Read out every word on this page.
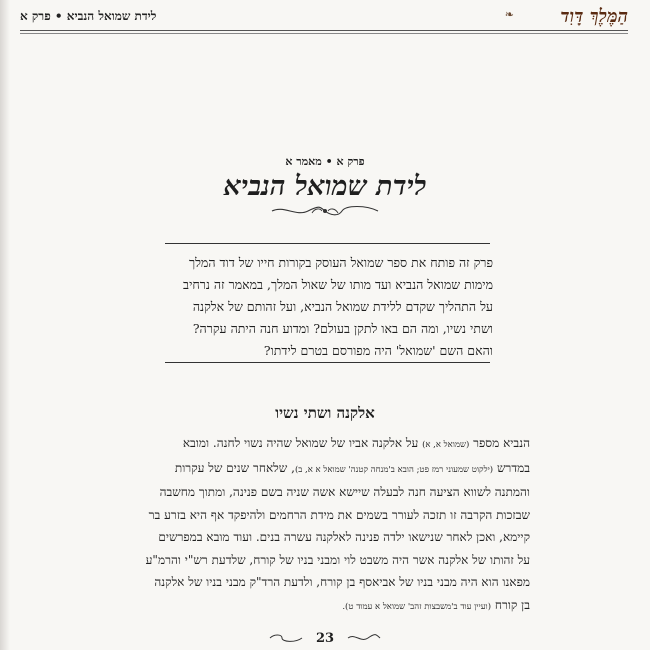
הַמֶּלֶךְ דָּוִד
❧
לידת שמואל הנביא • פרק א
פרק א • מאמר א
לידת שמואל הנביא
פרק זה פותח את ספר שמואל העוסק בקורות חייו של דוד המלך
מימות שמואל הנביא ועד מותו של שאול המלך, במאמר זה נרחיב
על התהליך שקדם ללידת שמואל הנביא, ועל זהותם של אלקנה
ושתי נשיו, ומה הם באו לתקן בעולם? ומדוע חנה היתה עקרה?
והאם השם 'שמואל' היה מפורסם בטרם לידתו?
אלקנה ושתי נשיו
הנביא מספר (שמואל א, א) על אלקנה אביו של שמואל שהיה נשוי לחנה. ומובא
במדרש (ילקוט שמעוני רמז פט; הובא ב'מנחה קטנה' שמואל א א, ב), שלאחר שנים של עקרות
והמתנה לשווא הציעה חנה לבעלה שיישא אשה שניה בשם פנינה, ומתוך מחשבה
שבזכות הקרבה זו תזכה לעורר בשמים את מידת הרחמים ולהיפקד אף היא בזרע בר
קיימא, ואכן לאחר שנישאו ילדה פנינה לאלקנה עשרה בנים. ועוד מובא במפרשים
על זהותו של אלקנה אשר היה משבט לוי ומבני בניו של קורח, שלדעת רש"י והרמ"ע
מפאנו הוא היה מבני בניו של אביאסף בן קורח, ולדעת הרד"ק מבני בניו של אלקנה
בן קורח (ועיין עוד ב'משבצות זהב' שמואל א עמוד ט).
23
